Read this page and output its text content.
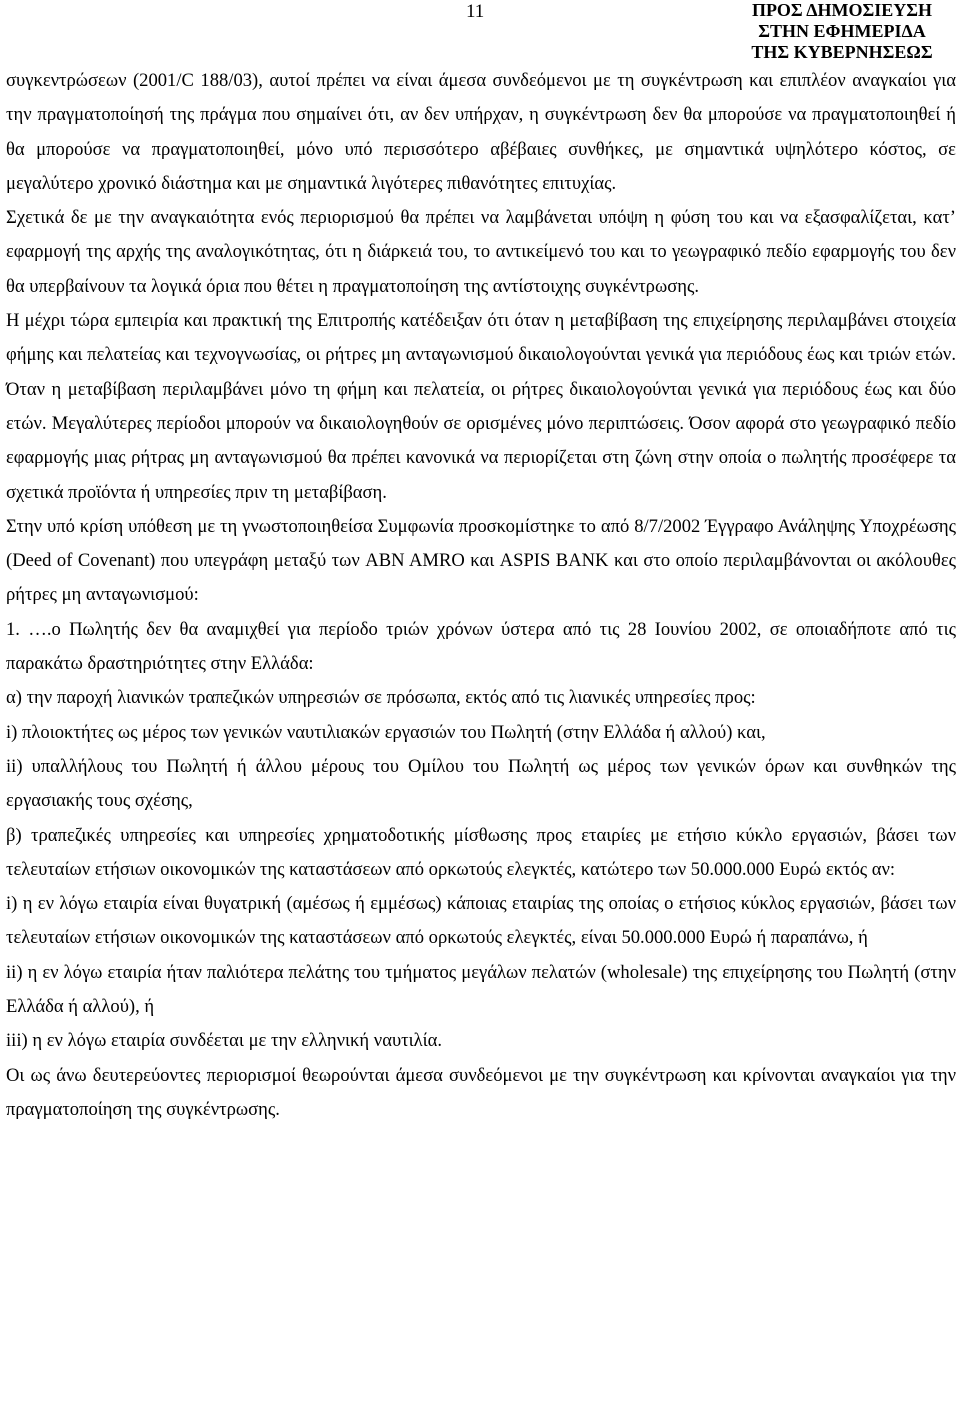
11	ΠΡΟΣ ΔΗΜΟΣΙΕΥΣΗ
ΣΤΗΝ ΕΦΗΜΕΡΙΔΑ
ΤΗΣ ΚΥΒΕΡΝΗΣΕΩΣ

συγκεντρώσεων (2001/C 188/03), αυτοί πρέπει να είναι άμεσα συνδεόμενοι με τη συγκέντρωση και επιπλέον αναγκαίοι για την πραγματοποίησή της πράγμα που σημαίνει ότι, αν δεν υπήρχαν, η συγκέντρωση δεν θα μπορούσε να πραγματοποιηθεί ή θα μπορούσε να πραγματοποιηθεί, μόνο υπό περισσότερο αβέβαιες συνθήκες, με σημαντικά υψηλότερο κόστος, σε μεγαλύτερο χρονικό διάστημα και με σημαντικά λιγότερες πιθανότητες επιτυχίας.

Σχετικά δε με την αναγκαιότητα ενός περιορισμού θα πρέπει να λαμβάνεται υπόψη η φύση του και να εξασφαλίζεται, κατ’ εφαρμογή της αρχής της αναλογικότητας, ότι η διάρκειά του, το αντικείμενό του και το γεωγραφικό πεδίο εφαρμογής του δεν θα υπερβαίνουν τα λογικά όρια που θέτει η πραγματοποίηση της αντίστοιχης συγκέντρωσης.

Η μέχρι τώρα εμπειρία και πρακτική της Επιτροπής κατέδειξαν ότι όταν η μεταβίβαση της επιχείρησης περιλαμβάνει στοιχεία φήμης και πελατείας και τεχνογνωσίας, οι ρήτρες μη ανταγωνισμού δικαιολογούνται γενικά για περιόδους έως και τριών ετών. Όταν η μεταβίβαση περιλαμβάνει μόνο τη φήμη και πελατεία, οι ρήτρες δικαιολογούνται γενικά για περιόδους έως και δύο ετών. Μεγαλύτερες περίοδοι μπορούν να δικαιολογηθούν σε ορισμένες μόνο περιπτώσεις. Όσον αφορά στο γεωγραφικό πεδίο εφαρμογής μιας ρήτρας μη ανταγωνισμού θα πρέπει κανονικά να περιορίζεται στη ζώνη στην οποία ο πωλητής προσέφερε τα σχετικά προϊόντα ή υπηρεσίες πριν τη μεταβίβαση.

Στην υπό κρίση υπόθεση με τη γνωστοποιηθείσα Συμφωνία προσκομίστηκε το από 8/7/2002 Έγγραφο Ανάληψης Υποχρέωσης (Deed of Covenant) που υπεγράφη μεταξύ των ABN AMRO και ASPIS BANK και στο οποίο περιλαμβάνονται οι ακόλουθες ρήτρες μη ανταγωνισμού:

1. ….ο Πωλητής δεν θα αναμιχθεί για περίοδο τριών χρόνων ύστερα από τις 28 Ιουνίου 2002, σε οποιαδήποτε από τις παρακάτω δραστηριότητες στην Ελλάδα:

α) την παροχή λιανικών τραπεζικών υπηρεσιών σε πρόσωπα, εκτός από τις λιανικές υπηρεσίες προς:

i) πλοιοκτήτες ως μέρος των γενικών ναυτιλιακών εργασιών του Πωλητή (στην Ελλάδα ή αλλού) και,

ii) υπαλλήλους του Πωλητή ή άλλου μέρους του Ομίλου του Πωλητή ως μέρος των γενικών όρων και συνθηκών της εργασιακής τους σχέσης,

β) τραπεζικές υπηρεσίες και υπηρεσίες χρηματοδοτικής μίσθωσης προς εταιρίες με ετήσιο κύκλο εργασιών, βάσει των τελευταίων ετήσιων οικονομικών της καταστάσεων από ορκωτούς ελεγκτές, κατώτερο των 50.000.000 Ευρώ εκτός αν:

i) η εν λόγω εταιρία είναι θυγατρική (αμέσως ή εμμέσως) κάποιας εταιρίας της οποίας ο ετήσιος κύκλος εργασιών, βάσει των τελευταίων ετήσιων οικονομικών της καταστάσεων από ορκωτούς ελεγκτές, είναι 50.000.000 Ευρώ ή παραπάνω, ή

ii) η εν λόγω εταιρία ήταν παλιότερα πελάτης του τμήματος μεγάλων πελατών (wholesale) της επιχείρησης του Πωλητή (στην Ελλάδα ή αλλού), ή

iii) η εν λόγω εταιρία συνδέεται με την ελληνική ναυτιλία.

Οι ως άνω δευτερεύοντες περιορισμοί θεωρούνται άμεσα συνδεόμενοι με την συγκέντρωση και κρίνονται αναγκαίοι για την πραγματοποίηση της συγκέντρωσης.
